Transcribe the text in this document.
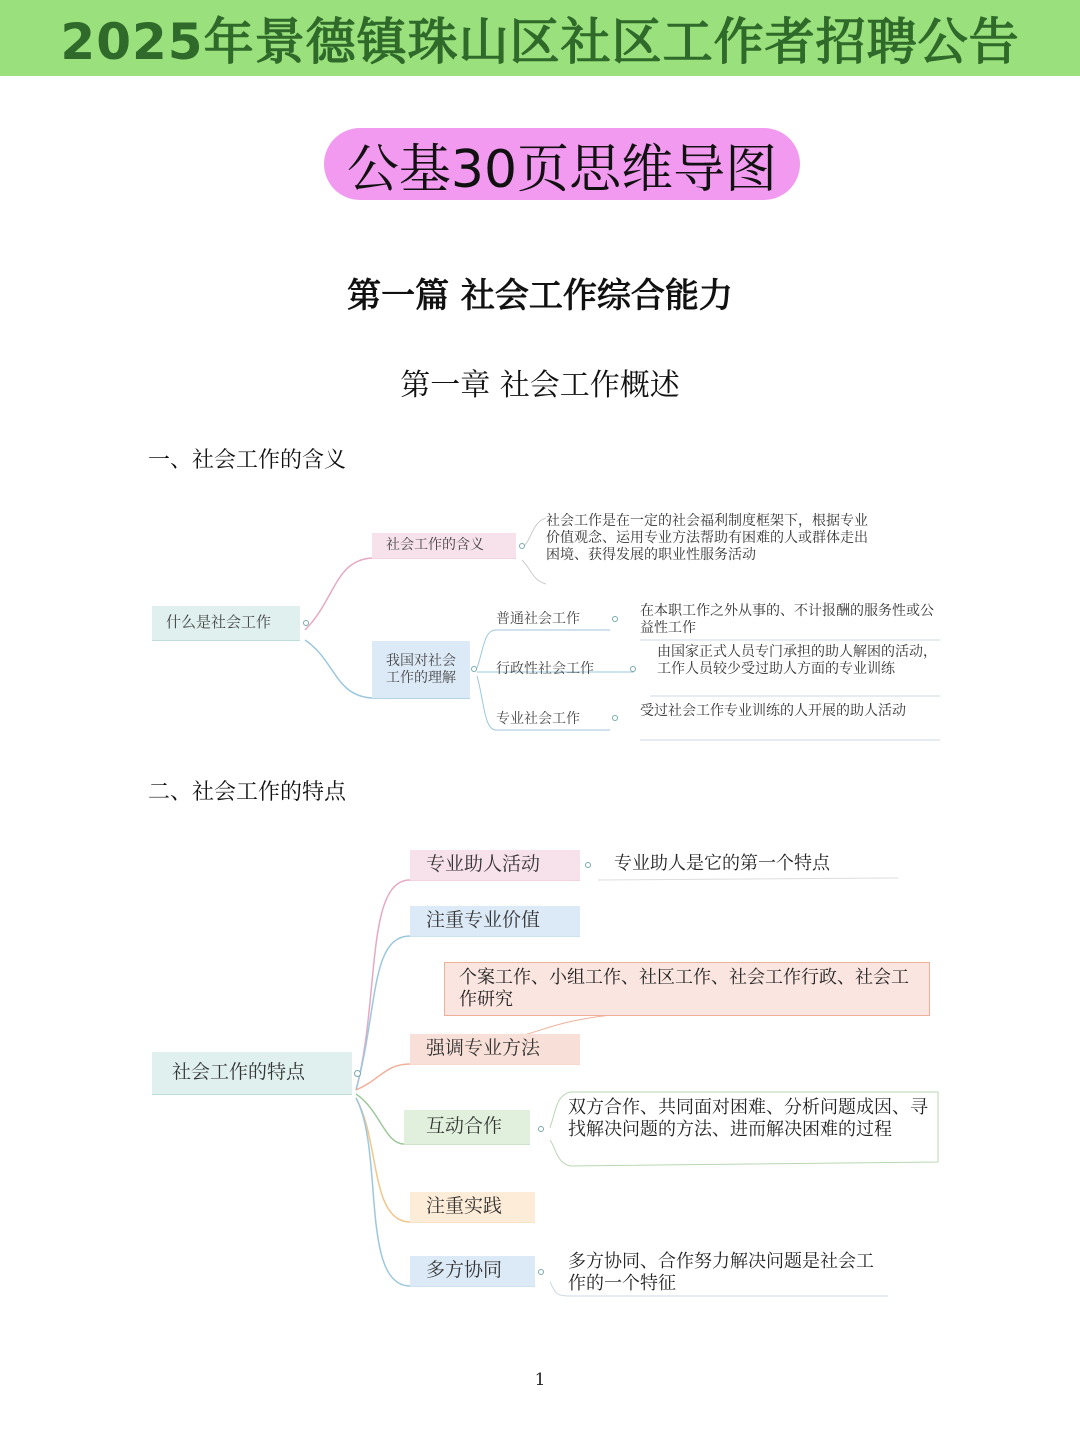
2025年景德镇珠山区社区工作者招聘公告
公基30页思维导图
第一篇 社会工作综合能力
第一章 社会工作概述
一、社会工作的含义
什么是社会工作
社会工作的含义
社会工作是在一定的社会福利制度框架下，根据专业价值观念、运用专业方法帮助有困难的人或群体走出困境、获得发展的职业性服务活动
我国对社会工作的理解
普通社会工作	在本职工作之外从事的、不计报酬的服务性或公益性工作
行政性社会工作
由国家正式人员专门承担的助人解困的活动，工作人员较少受过助人方面的专业训练
专业社会工作	受过社会工作专业训练的人开展的助人活动
二、社会工作的特点
社会工作的特点
专业助人活动	专业助人是它的第一个特点
注重专业价值
个案工作、小组工作、社区工作、社会工作行政、社会工作研究
强调专业方法
互动合作
双方合作、共同面对困难、分析问题成因、寻找解决问题的方法、进而解决困难的过程
注重实践
多方协同	多方协同、合作努力解决问题是社会工作的一个特征
1
